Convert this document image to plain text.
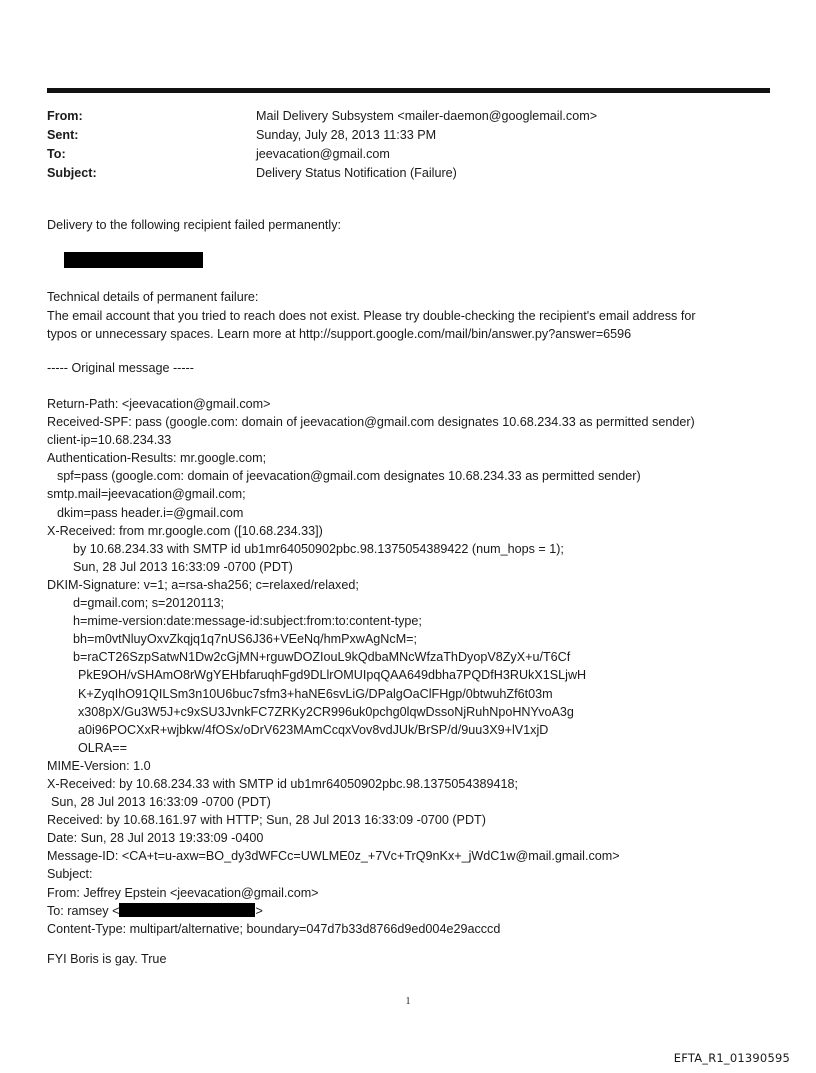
From:	Mail Delivery Subsystem <mailer-daemon@googlemail.com>
Sent:	Sunday, July 28, 2013 11:33 PM
To:	jeevacation@gmail.com
Subject:	Delivery Status Notification (Failure)
Delivery to the following recipient failed permanently:
Technical details of permanent failure:
The email account that you tried to reach does not exist. Please try double-checking the recipient's email address for
typos or unnecessary spaces. Learn more at http://support.google.com/mail/bin/answer.py?answer=6596
----- Original message -----
Return-Path: <jeevacation@gmail.com>
Received-SPF: pass (google.com: domain of jeevacation@gmail.com designates 10.68.234.33 as permitted sender)
client-ip=10.68.234.33
Authentication-Results: mr.google.com;
spf=pass (google.com: domain of jeevacation@gmail.com designates 10.68.234.33 as permitted sender)
smtp.mail=jeevacation@gmail.com;
dkim=pass header.i=@gmail.com
X-Received: from mr.google.com ([10.68.234.33])
by 10.68.234.33 with SMTP id ub1mr64050902pbc.98.1375054389422 (num_hops = 1);
Sun, 28 Jul 2013 16:33:09 -0700 (PDT)
DKIM-Signature: v=1; a=rsa-sha256; c=relaxed/relaxed;
d=gmail.com; s=20120113;
h=mime-version:date:message-id:subject:from:to:content-type;
bh=m0vtNluyOxvZkqjq1q7nUS6J36+VEeNq/hmPxwAgNcM=;
b=raCT26SzpSatwN1Dw2cGjMN+rguwDOZIouL9kQdbaMNcWfzaThDyopV8ZyX+u/T6Cf
PkE9OH/vSHAmO8rWgYEHbfaruqhFgd9DLlrOMUIpqQAA649dbha7PQDfH3RUkX1SLjwH
K+ZyqIhO91QILSm3n10U6buc7sfm3+haNE6svLiG/DPalgOaClFHgp/0btwuhZf6t03m
x308pX/Gu3W5J+c9xSU3JvnkFC7ZRKy2CR996uk0pchg0lqwDssoNjRuhNpoHNYvoA3g
a0i96POCXxR+wjbkw/4fOSx/oDrV623MAmCcqxVov8vdJUk/BrSP/d/9uu3X9+lV1xjD
OLRA==
MIME-Version: 1.0
X-Received: by 10.68.234.33 with SMTP id ub1mr64050902pbc.98.1375054389418;
Sun, 28 Jul 2013 16:33:09 -0700 (PDT)
Received: by 10.68.161.97 with HTTP; Sun, 28 Jul 2013 16:33:09 -0700 (PDT)
Date: Sun, 28 Jul 2013 19:33:09 -0400
Message-ID: <CA+t=u-axw=BO_dy3dWFCc=UWLME0z_+7Vc+TrQ9nKx+_jWdC1w@mail.gmail.com>
Subject:
From: Jeffrey Epstein <jeevacation@gmail.com>
To: ramsey <	>
Content-Type: multipart/alternative; boundary=047d7b33d8766d9ed004e29acccd
FYI Boris is gay. True
1
EFTA_R1_01390595
